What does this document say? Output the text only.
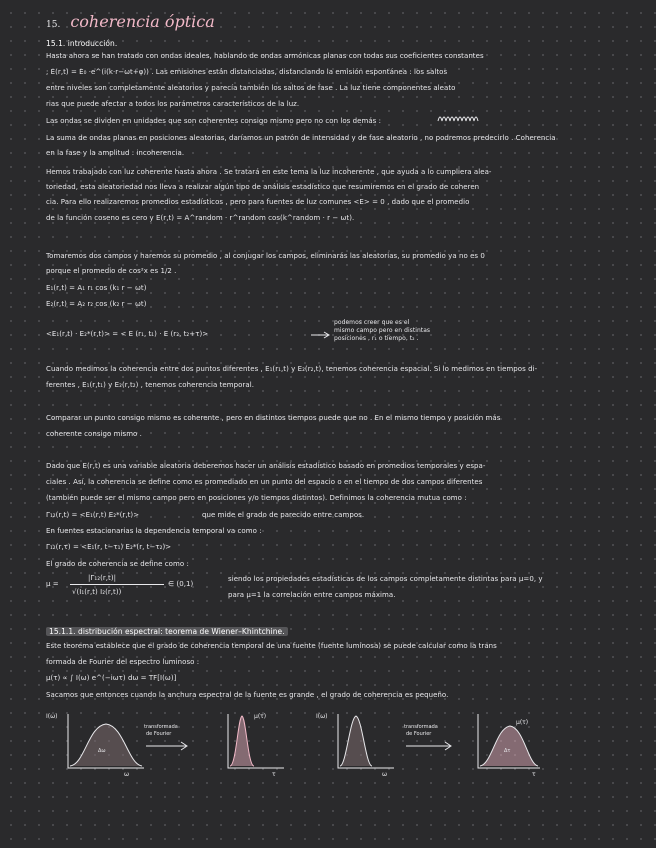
15. coherencia óptica
15.1. introducción.
Hasta ahora se han tratado con ondas ideales, hablando de ondas armónicas planas con todas sus coeficientes constantes
; E(r,t) = E₀ ·e^(i(k·r−ωt+φ)) . Las emisiones están distanciadas, distanciando la emisión espontánea : los saltos
entre niveles son completamente aleatorios y parecía también los saltos de fase . La luz tiene componentes aleato
rias que puede afectar a todos los parámetros característicos de la luz.
Las ondas se dividen en unidades que son coherentes consigo mismo pero no con los demás :
La suma de ondas planas en posiciones aleatorias, daríamos un patrón de intensidad y de fase aleatorio , no podremos predecirlo . Coherencia
en la fase y la amplitud : incoherencia.
Hemos trabajado con luz coherente hasta ahora . Se tratará en este tema la luz incoherente , que ayuda a lo cumpliera alea-
toriedad, esta aleatoriedad nos lleva a realizar algún tipo de análisis estadístico que resumiremos en el grado de coheren
cia. Para ello realizaremos promedios estadísticos , pero para fuentes de luz comunes <E> = 0 , dado que el promedio
de la función coseno es cero y E(r,t) = A^random · r^random cos(k^random · r − ωt).
Tomaremos dos campos y haremos su promedio , al conjugar los campos, eliminarás las aleatorias, su promedio ya no es 0
porque el promedio de cos²x es 1/2 .
E₁(r,t) = A₁ r₁ cos (k₁ r − ωt)
E₂(r,t) = A₂ r₂ cos (k₂ r − ωt)
<E₁(r,t) · E₂*(r,t)> = < E (r₁, t₁) · E (r₂, t₂+τ)>
podemos creer que es el
mismo campo pero en distintas
posiciones , r₁ o tiempo, t₂ .
Cuando medimos la coherencia entre dos puntos diferentes , E₁(r₁,t) y E₂(r₂,t), tenemos coherencia espacial. Si lo medimos en tiempos di-
ferentes , E₁(r,t₁) y E₂(r,t₂) , tenemos coherencia temporal.
Comparar un punto consigo mismo es coherente , pero en distintos tiempos puede que no . En el mismo tiempo y posición más
coherente consigo mismo .
Dado que E(r,t) es una variable aleatoria deberemos hacer un análisis estadístico basado en promedios temporales y espa-
ciales . Así, la coherencia se define como es promediado en un punto del espacio o en el tiempo de dos campos diferentes
(también puede ser el mismo campo pero en posiciones y/o tiempos distintos). Definimos la coherencia mutua como :
Γ₁₂(r,t) = <E₁(r,t) E₂*(r,t)>	que mide el grado de parecido entre campos.
En fuentes estacionarias la dependencia temporal va como :
Γ₁₂(r,τ) = <E₁(r, t−τ₁) E₂*(r, t−τ₂)>
El grado de coherencia se define como :
μ =
|Γ₁₂(r,t)|
√(I₁(r,t) I₂(r,t))
∈ (0,1)
siendo los propiedades estadísticas de los campos completamente distintas para μ=0, y
para μ=1 la correlación entre campos máxima.
15.1.1. distribución espectral: teorema de Wiener–Khintchine.
Este teorema establece que el grado de coherencia temporal de una fuente (fuente luminosa) se puede calcular como la trans
formada de Fourier del espectro luminoso :
μ(τ) ∝ ∫ I(ω) e^(−iωτ) dω = TF[I(ω)]
Sacamos que entonces cuando la anchura espectral de la fuente es grande , el grado de coherencia es pequeño.
I(ω)
ω
Δω
transformada
de Fourier
μ(τ)
τ
I(ω)
ω
transformada
de Fourier
μ(τ)
τ
Δτ
